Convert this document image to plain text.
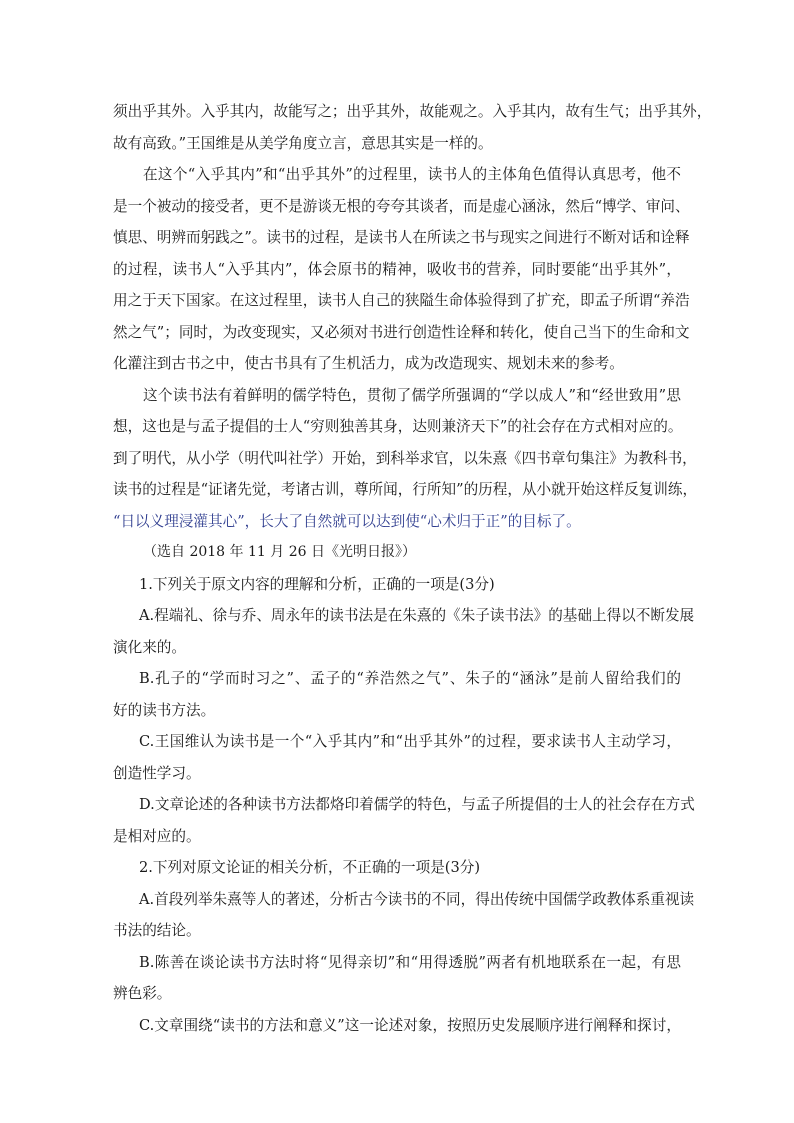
须出乎其外。入乎其内，故能写之；出乎其外，故能观之。入乎其内，故有生气；出乎其外，
故有高致。”王国维是从美学角度立言，意思其实是一样的。
在这个“入乎其内”和“出乎其外”的过程里，读书人的主体角色值得认真思考，他不
是一个被动的接受者，更不是游谈无根的夸夸其谈者，而是虚心涵泳，然后“博学、审问、
慎思、明辨而躬践之”。读书的过程，是读书人在所读之书与现实之间进行不断对话和诠释
的过程，读书人“入乎其内”，体会原书的精神，吸收书的营养，同时要能“出乎其外”，
用之于天下国家。在这过程里，读书人自己的狭隘生命体验得到了扩充，即孟子所谓“养浩
然之气”；同时，为改变现实，又必须对书进行创造性诠释和转化，使自己当下的生命和文
化灌注到古书之中，使古书具有了生机活力，成为改造现实、规划未来的参考。
这个读书法有着鲜明的儒学特色，贯彻了儒学所强调的“学以成人”和“经世致用”思
想，这也是与孟子提倡的士人“穷则独善其身，达则兼济天下”的社会存在方式相对应的。
到了明代，从小学（明代叫社学）开始，到科举求官，以朱熹《四书章句集注》为教科书，
读书的过程是“证诸先觉，考诸古训，尊所闻，行所知”的历程，从小就开始这样反复训练，
“日以义理浸灌其心”，长大了自然就可以达到使“心术归于正”的目标了。
（选自 2018 年 11 月 26 日《光明日报》）
1.下列关于原文内容的理解和分析，正确的一项是(3分)
A.程端礼、徐与乔、周永年的读书法是在朱熹的《朱子读书法》的基础上得以不断发展
演化来的。
B.孔子的“学而时习之”、孟子的“养浩然之气”、朱子的“涵泳”是前人留给我们的
好的读书方法。
C.王国维认为读书是一个“入乎其内”和“出乎其外”的过程，要求读书人主动学习，
创造性学习。
D.文章论述的各种读书方法都烙印着儒学的特色，与孟子所提倡的士人的社会存在方式
是相对应的。
2.下列对原文论证的相关分析，不正确的一项是(3分)
A.首段列举朱熹等人的著述，分析古今读书的不同，得出传统中国儒学政教体系重视读
书法的结论。
B.陈善在谈论读书方法时将“见得亲切”和“用得透脱”两者有机地联系在一起，有思
辨色彩。
C.文章围绕“读书的方法和意义”这一论述对象，按照历史发展顺序进行阐释和探讨，
